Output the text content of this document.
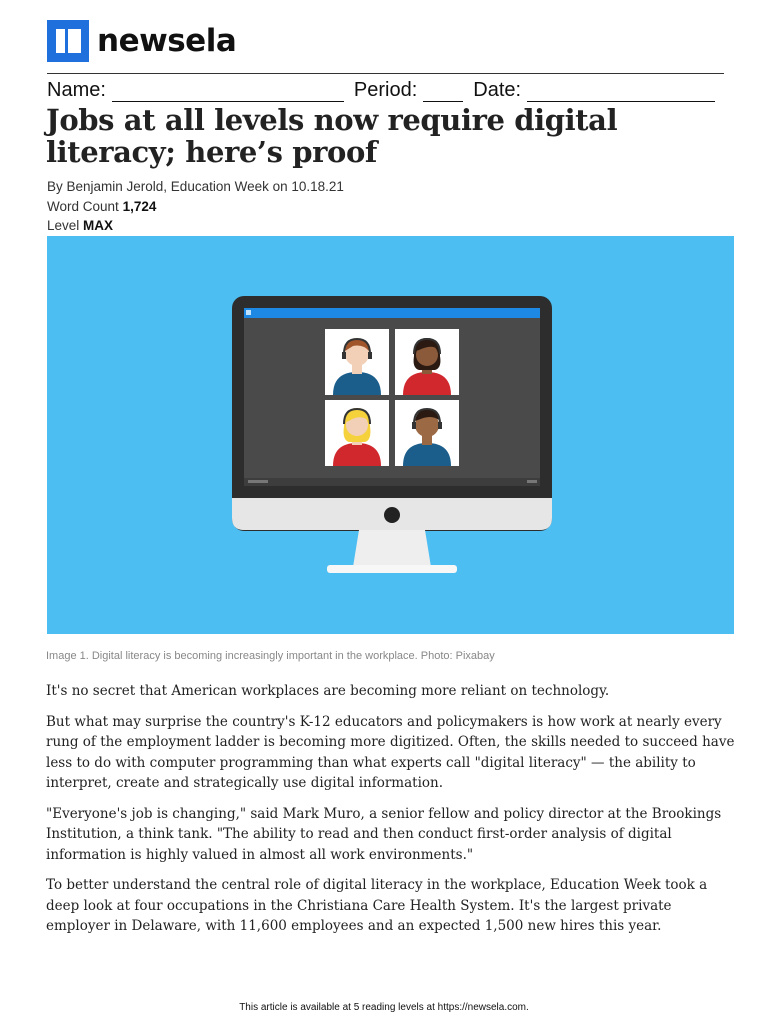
newsela
Name:	Period:	Date:
Jobs at all levels now require digital literacy; here’s proof
By Benjamin Jerold, Education Week on 10.18.21
Word Count 1,724
Level MAX
Image 1. Digital literacy is becoming increasingly important in the workplace. Photo: Pixabay

It's no secret that American workplaces are becoming more reliant on technology.

But what may surprise the country's K-12 educators and policymakers is how work at nearly every rung of the employment ladder is becoming more digitized. Often, the skills needed to succeed have less to do with computer programming than what experts call "digital literacy" — the ability to interpret, create and strategically use digital information.

"Everyone's job is changing," said Mark Muro, a senior fellow and policy director at the Brookings Institution, a think tank. "The ability to read and then conduct first-order analysis of digital information is highly valued in almost all work environments."

To better understand the central role of digital literacy in the workplace, Education Week took a deep look at four occupations in the Christiana Care Health System. It's the largest private employer in Delaware, with 11,600 employees and an expected 1,500 new hires this year.

This article is available at 5 reading levels at https://newsela.com.
